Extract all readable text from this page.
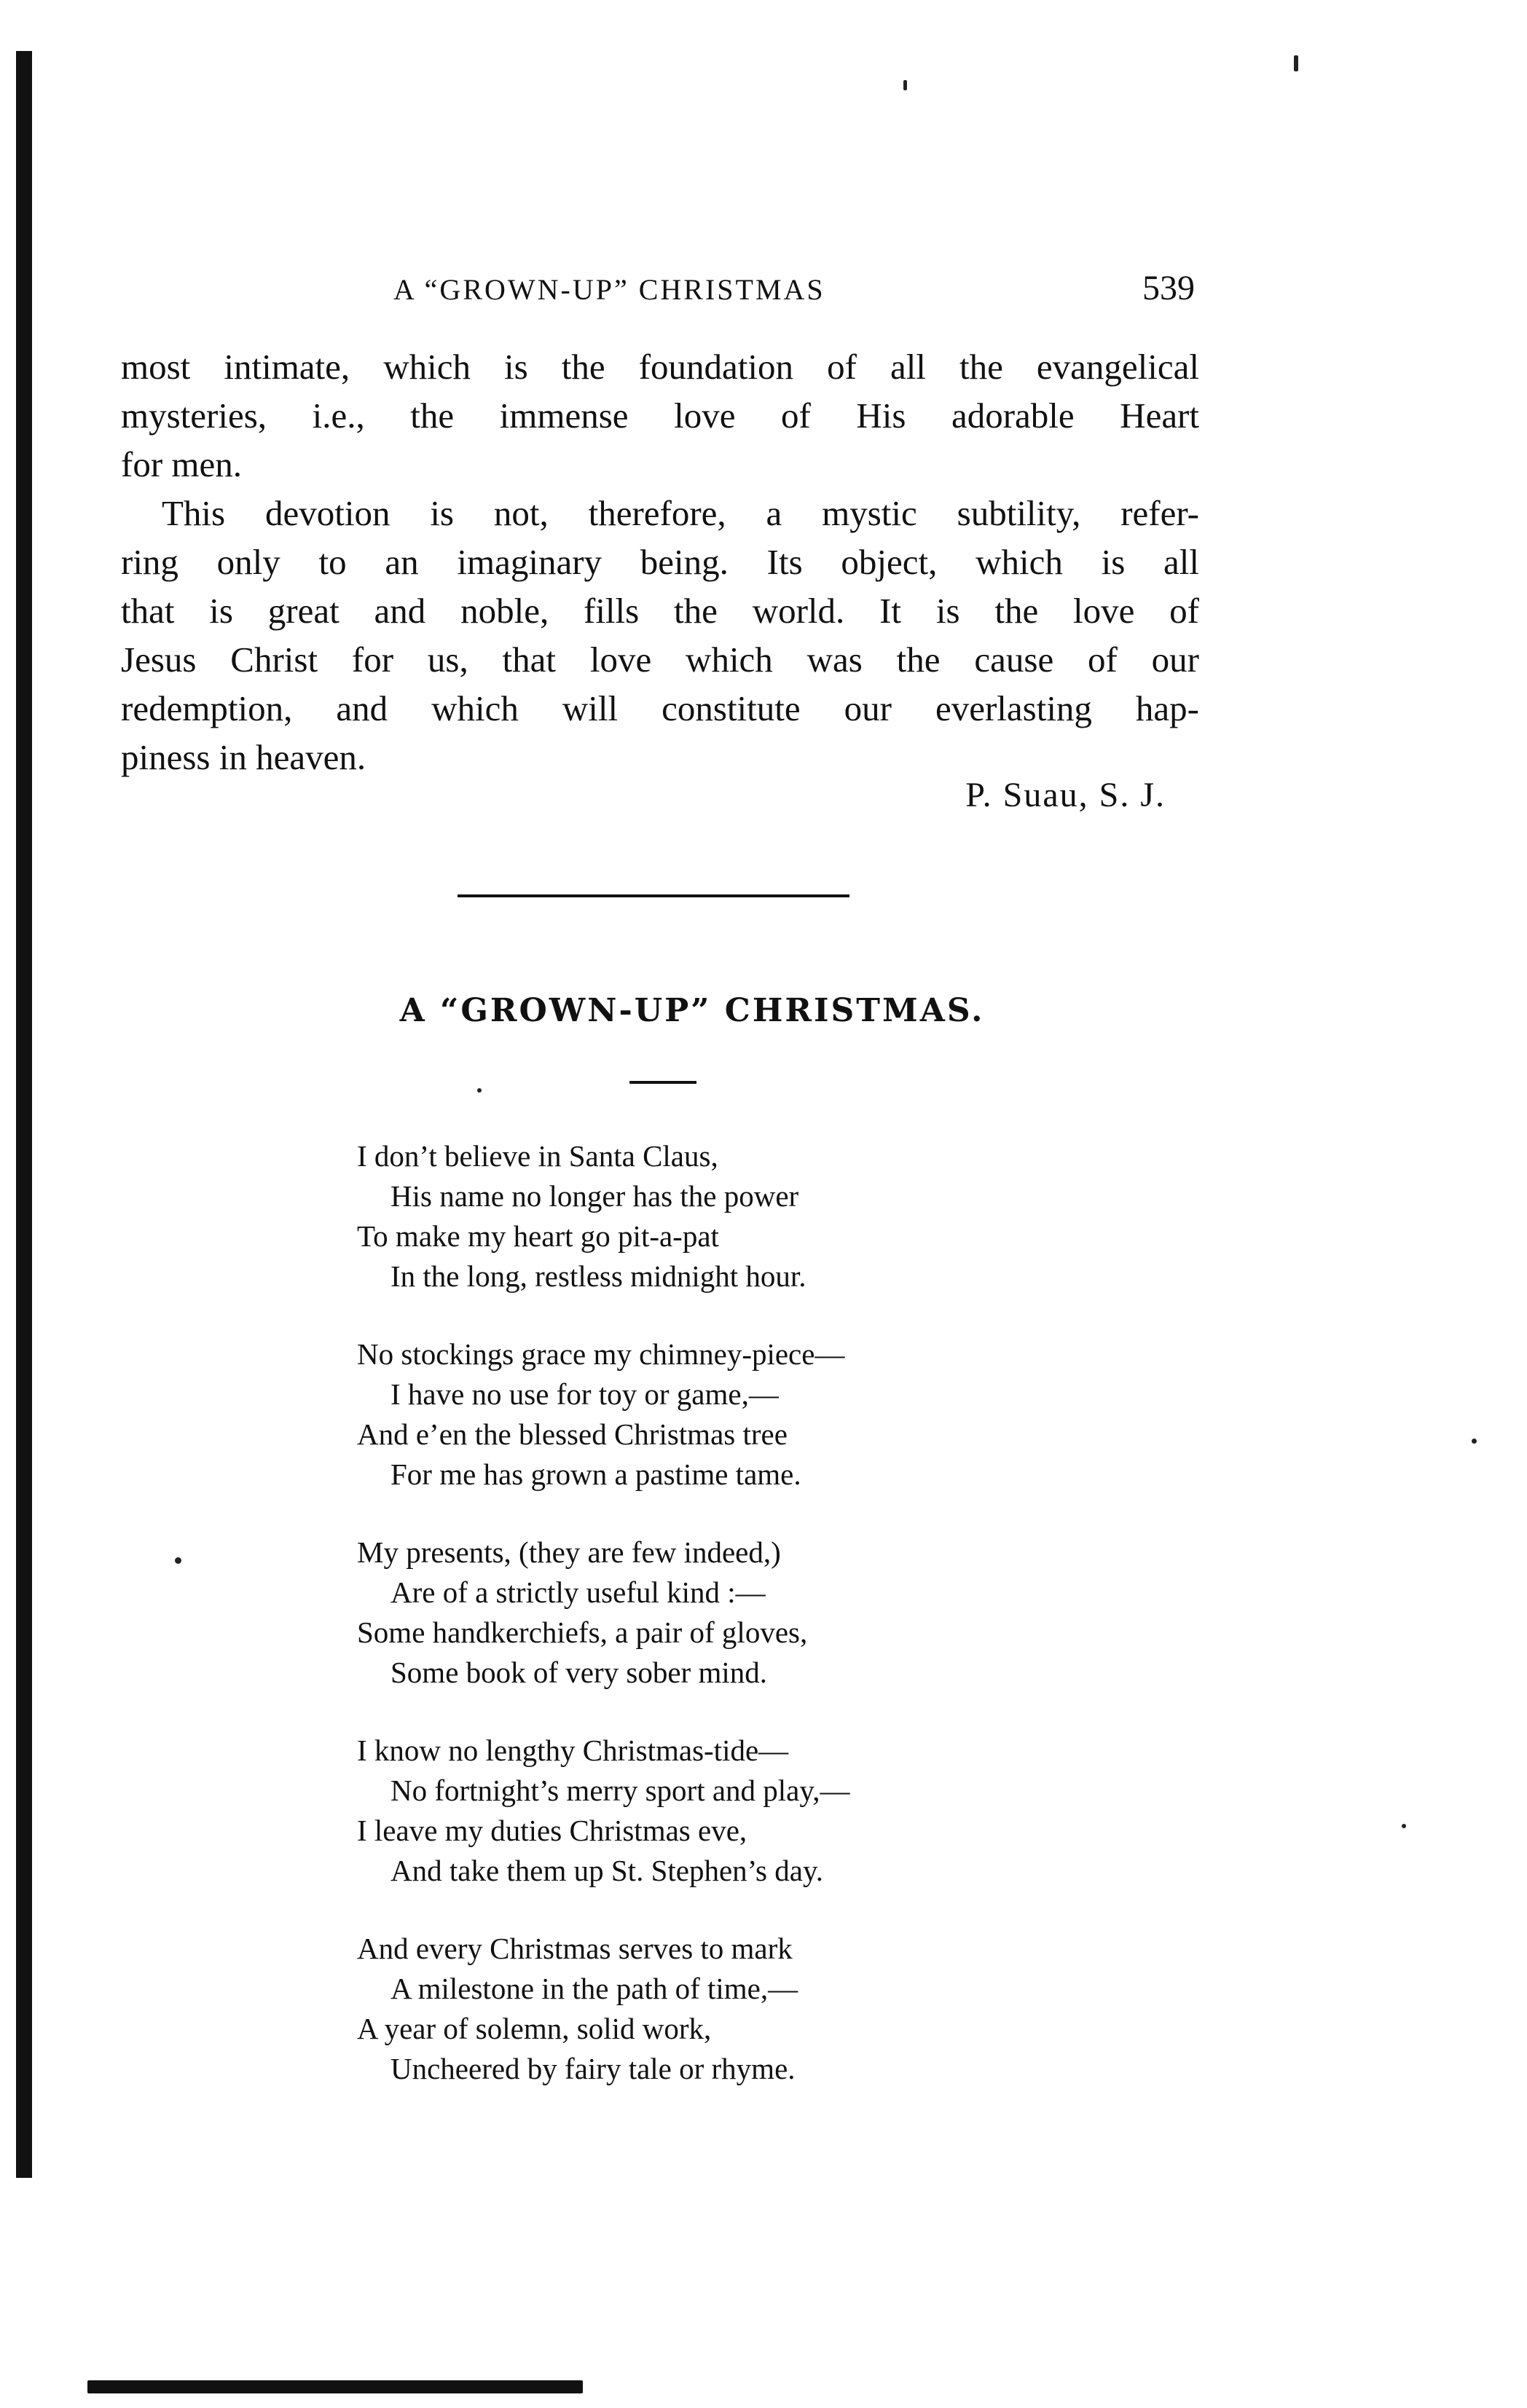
A “GROWN-UP” CHRISTMAS	539

most intimate, which is the foundation of all the evangelical
mysteries, i.e., the immense love of His adorable Heart
for men.

This devotion is not, therefore, a mystic subtility, refer-
ring only to an imaginary being. Its object, which is all
that is great and noble, fills the world. It is the love of
Jesus Christ for us, that love which was the cause of our
redemption, and which will constitute our everlasting hap-
piness in heaven.

P. Suau, S. J.
A “GROWN-UP” CHRISTMAS.
I don’t believe in Santa Claus,
His name no longer has the power
To make my heart go pit-a-pat
In the long, restless midnight hour.
No stockings grace my chimney-piece—
I have no use for toy or game,—
And e’en the blessed Christmas tree
For me has grown a pastime tame.
My presents, (they are few indeed,)
Are of a strictly useful kind :—
Some handkerchiefs, a pair of gloves,
Some book of very sober mind.
I know no lengthy Christmas-tide—
No fortnight’s merry sport and play,—
I leave my duties Christmas eve,
And take them up St. Stephen’s day.
And every Christmas serves to mark
A milestone in the path of time,—
A year of solemn, solid work,
Uncheered by fairy tale or rhyme.
